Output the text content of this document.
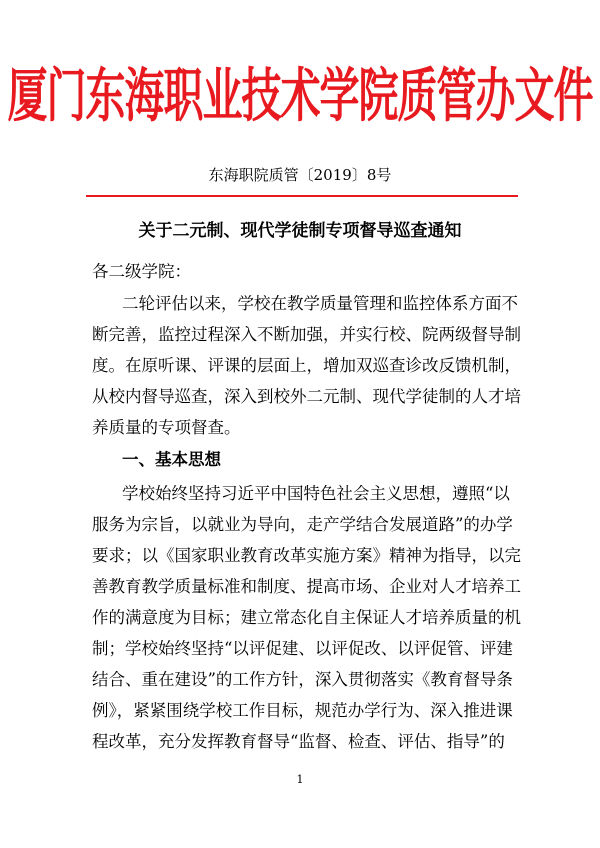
厦门东海职业技术学院质管办文件
东海职院质管〔2019〕8号
关于二元制、现代学徒制专项督导巡查通知
各二级学院：
二轮评估以来，学校在教学质量管理和监控体系方面不
断完善，监控过程深入不断加强，并实行校、院两级督导制
度。在原听课、评课的层面上，增加双巡查诊改反馈机制，
从校内督导巡查，深入到校外二元制、现代学徒制的人才培
养质量的专项督查。
一、基本思想
学校始终坚持习近平中国特色社会主义思想，遵照“以
服务为宗旨，以就业为导向，走产学结合发展道路”的办学
要求；以《国家职业教育改革实施方案》精神为指导，以完
善教育教学质量标准和制度、提高市场、企业对人才培养工
作的满意度为目标；建立常态化自主保证人才培养质量的机
制；学校始终坚持“以评促建、以评促改、以评促管、评建
结合、重在建设”的工作方针，深入贯彻落实《教育督导条
例》，紧紧围绕学校工作目标，规范办学行为、深入推进课
程改革，充分发挥教育督导“监督、检查、评估、指导”的
1
